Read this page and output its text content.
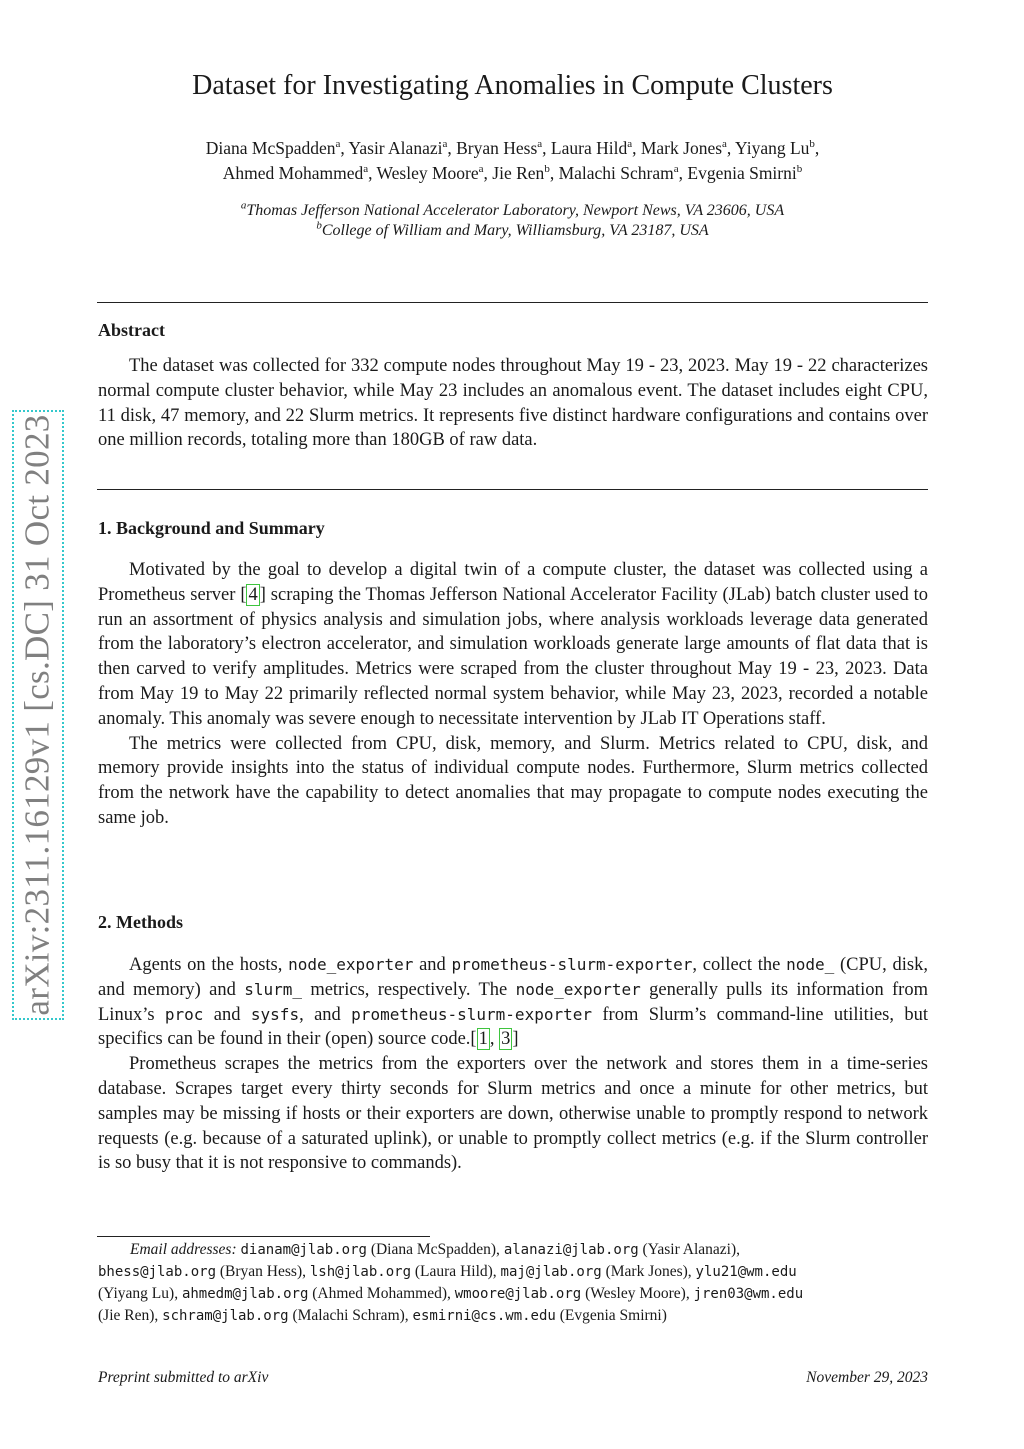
arXiv:2311.16129v1 [cs.DC] 31 Oct 2023
Dataset for Investigating Anomalies in Compute Clusters
Diana McSpadden$^a$, Yasir Alanazi$^a$, Bryan Hess$^a$, Laura Hild$^a$, Mark Jones$^a$, Yiyang Lu$^b$,
Ahmed Mohammed$^a$, Wesley Moore$^a$, Jie Ren$^b$, Malachi Schram$^a$, Evgenia Smirni$^b$
$^a$Thomas Jefferson National Accelerator Laboratory, Newport News, VA 23606, USA
$^b$College of William and Mary, Williamsburg, VA 23187, USA
Abstract

The dataset was collected for 332 compute nodes throughout May 19 - 23, 2023. May 19 - 22 characterizes normal compute cluster behavior, while May 23 includes an anomalous event. The dataset includes eight CPU, 11 disk, 47 memory, and 22 Slurm metrics. It represents five distinct hardware configurations and contains over one million records, totaling more than 180GB of raw data.

1. Background and Summary

Motivated by the goal to develop a digital twin of a compute cluster, the dataset was collected using a Prometheus server [ 4 ] scraping the Thomas Jefferson National Accelerator Facility (JLab) batch cluster used to run an assortment of physics analysis and simulation jobs, where analysis workloads leverage data generated from the laboratory’s electron accelerator, and simulation workloads generate large amounts of flat data that is then carved to verify amplitudes. Metrics were scraped from the cluster throughout May 19 - 23, 2023. Data from May 19 to May 22 primarily reflected normal system behavior, while May 23, 2023, recorded a notable anomaly. This anomaly was severe enough to necessitate intervention by JLab IT Operations staff.

The metrics were collected from CPU, disk, memory, and Slurm. Metrics related to CPU, disk, and memory provide insights into the status of individual compute nodes. Furthermore, Slurm metrics collected from the network have the capability to detect anomalies that may propagate to compute nodes executing the same job.

2. Methods

Agents on the hosts, node_exporter and prometheus-slurm-exporter, collect the node_ (CPU, disk, and memory) and slurm_ metrics, respectively. The node_exporter generally pulls its information from Linux’s proc and sysfs, and prometheus-slurm-exporter from Slurm’s command-line utilities, but specifics can be found in their (open) source code.[ 1 , 3 ]

Prometheus scrapes the metrics from the exporters over the network and stores them in a time-series database. Scrapes target every thirty seconds for Slurm metrics and once a minute for other metrics, but samples may be missing if hosts or their exporters are down, otherwise unable to promptly respond to network requests (e.g. because of a saturated uplink), or unable to promptly collect metrics (e.g. if the Slurm controller is so busy that it is not responsive to commands).

Email addresses: dianam@jlab.org (Diana McSpadden), alanazi@jlab.org (Yasir Alanazi),
bhess@jlab.org (Bryan Hess), lsh@jlab.org (Laura Hild), maj@jlab.org (Mark Jones), ylu21@wm.edu
(Yiyang Lu), ahmedm@jlab.org (Ahmed Mohammed), wmoore@jlab.org (Wesley Moore), jren03@wm.edu
(Jie Ren), schram@jlab.org (Malachi Schram), esmirni@cs.wm.edu (Evgenia Smirni)
Preprint submitted to arXiv	November 29, 2023
